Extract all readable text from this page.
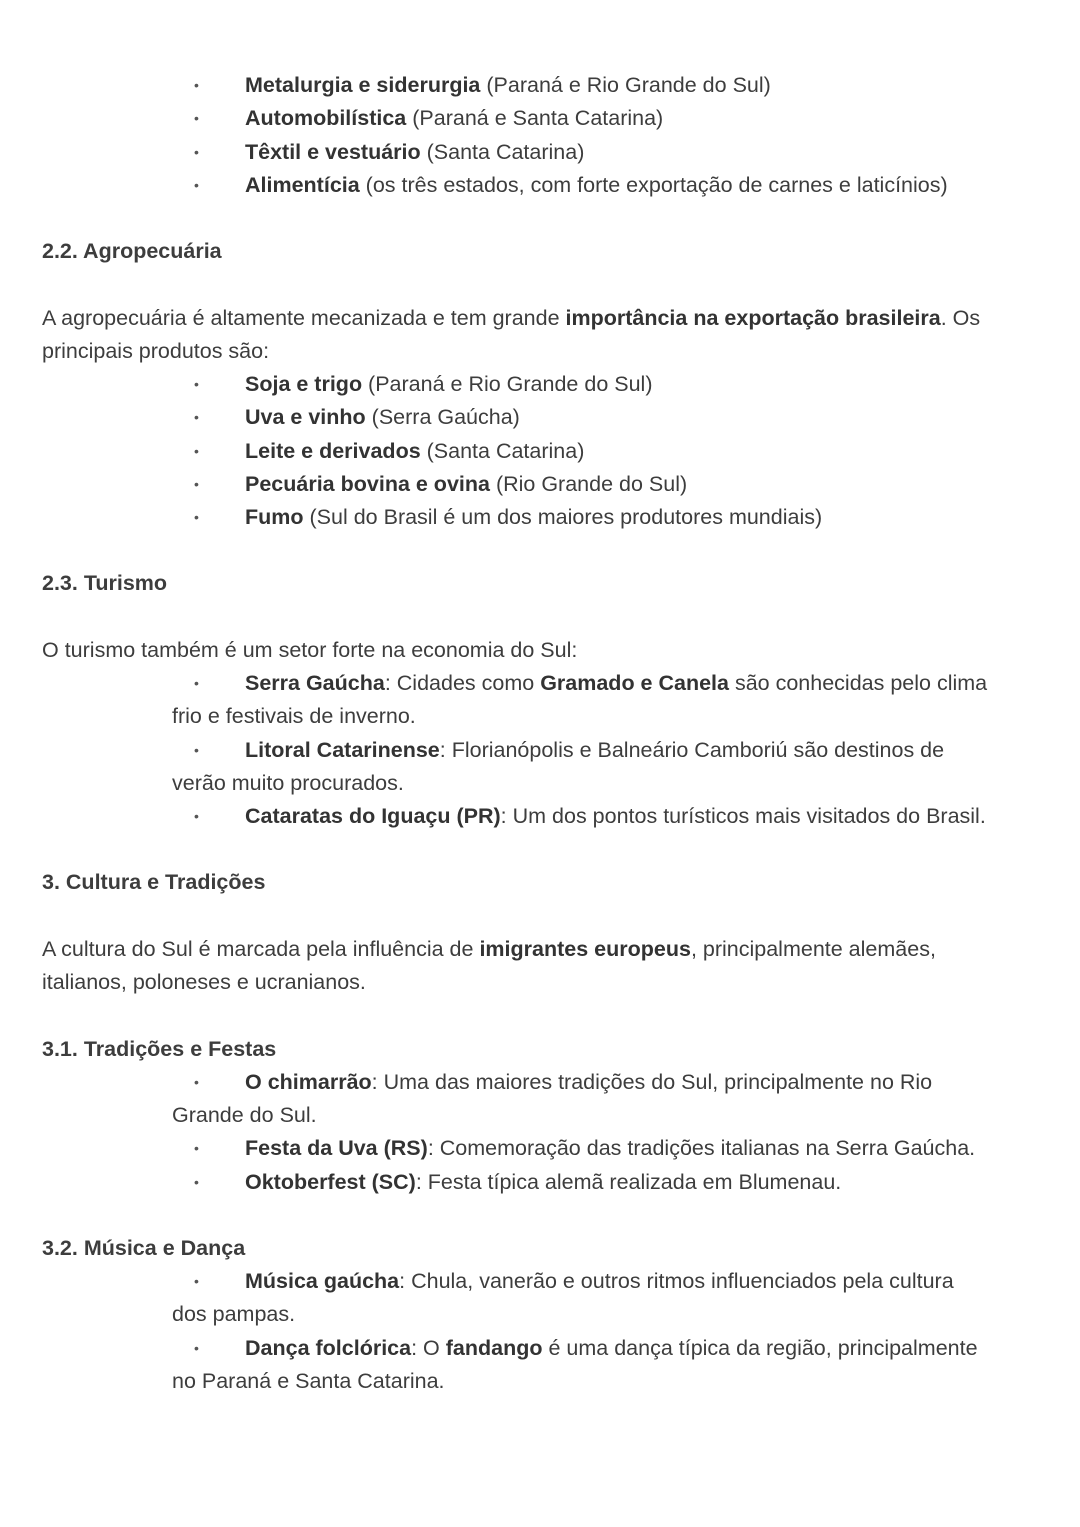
• Metalurgia e siderurgia (Paraná e Rio Grande do Sul)
• Automobilística (Paraná e Santa Catarina)
• Têxtil e vestuário (Santa Catarina)
• Alimentícia (os três estados, com forte exportação de carnes e laticínios)
2.2. Agropecuária
A agropecuária é altamente mecanizada e tem grande importância na exportação brasileira. Os
principais produtos são:
• Soja e trigo (Paraná e Rio Grande do Sul)
• Uva e vinho (Serra Gaúcha)
• Leite e derivados (Santa Catarina)
• Pecuária bovina e ovina (Rio Grande do Sul)
• Fumo (Sul do Brasil é um dos maiores produtores mundiais)
2.3. Turismo
O turismo também é um setor forte na economia do Sul:
• Serra Gaúcha: Cidades como Gramado e Canela são conhecidas pelo clima
frio e festivais de inverno.
• Litoral Catarinense: Florianópolis e Balneário Camboriú são destinos de
verão muito procurados.
• Cataratas do Iguaçu (PR): Um dos pontos turísticos mais visitados do Brasil.
3. Cultura e Tradições
A cultura do Sul é marcada pela influência de imigrantes europeus, principalmente alemães,
italianos, poloneses e ucranianos.
3.1. Tradições e Festas
• O chimarrão: Uma das maiores tradições do Sul, principalmente no Rio
Grande do Sul.
• Festa da Uva (RS): Comemoração das tradições italianas na Serra Gaúcha.
• Oktoberfest (SC): Festa típica alemã realizada em Blumenau.
3.2. Música e Dança
• Música gaúcha: Chula, vanerão e outros ritmos influenciados pela cultura
dos pampas.
• Dança folclórica: O fandango é uma dança típica da região, principalmente
no Paraná e Santa Catarina.
